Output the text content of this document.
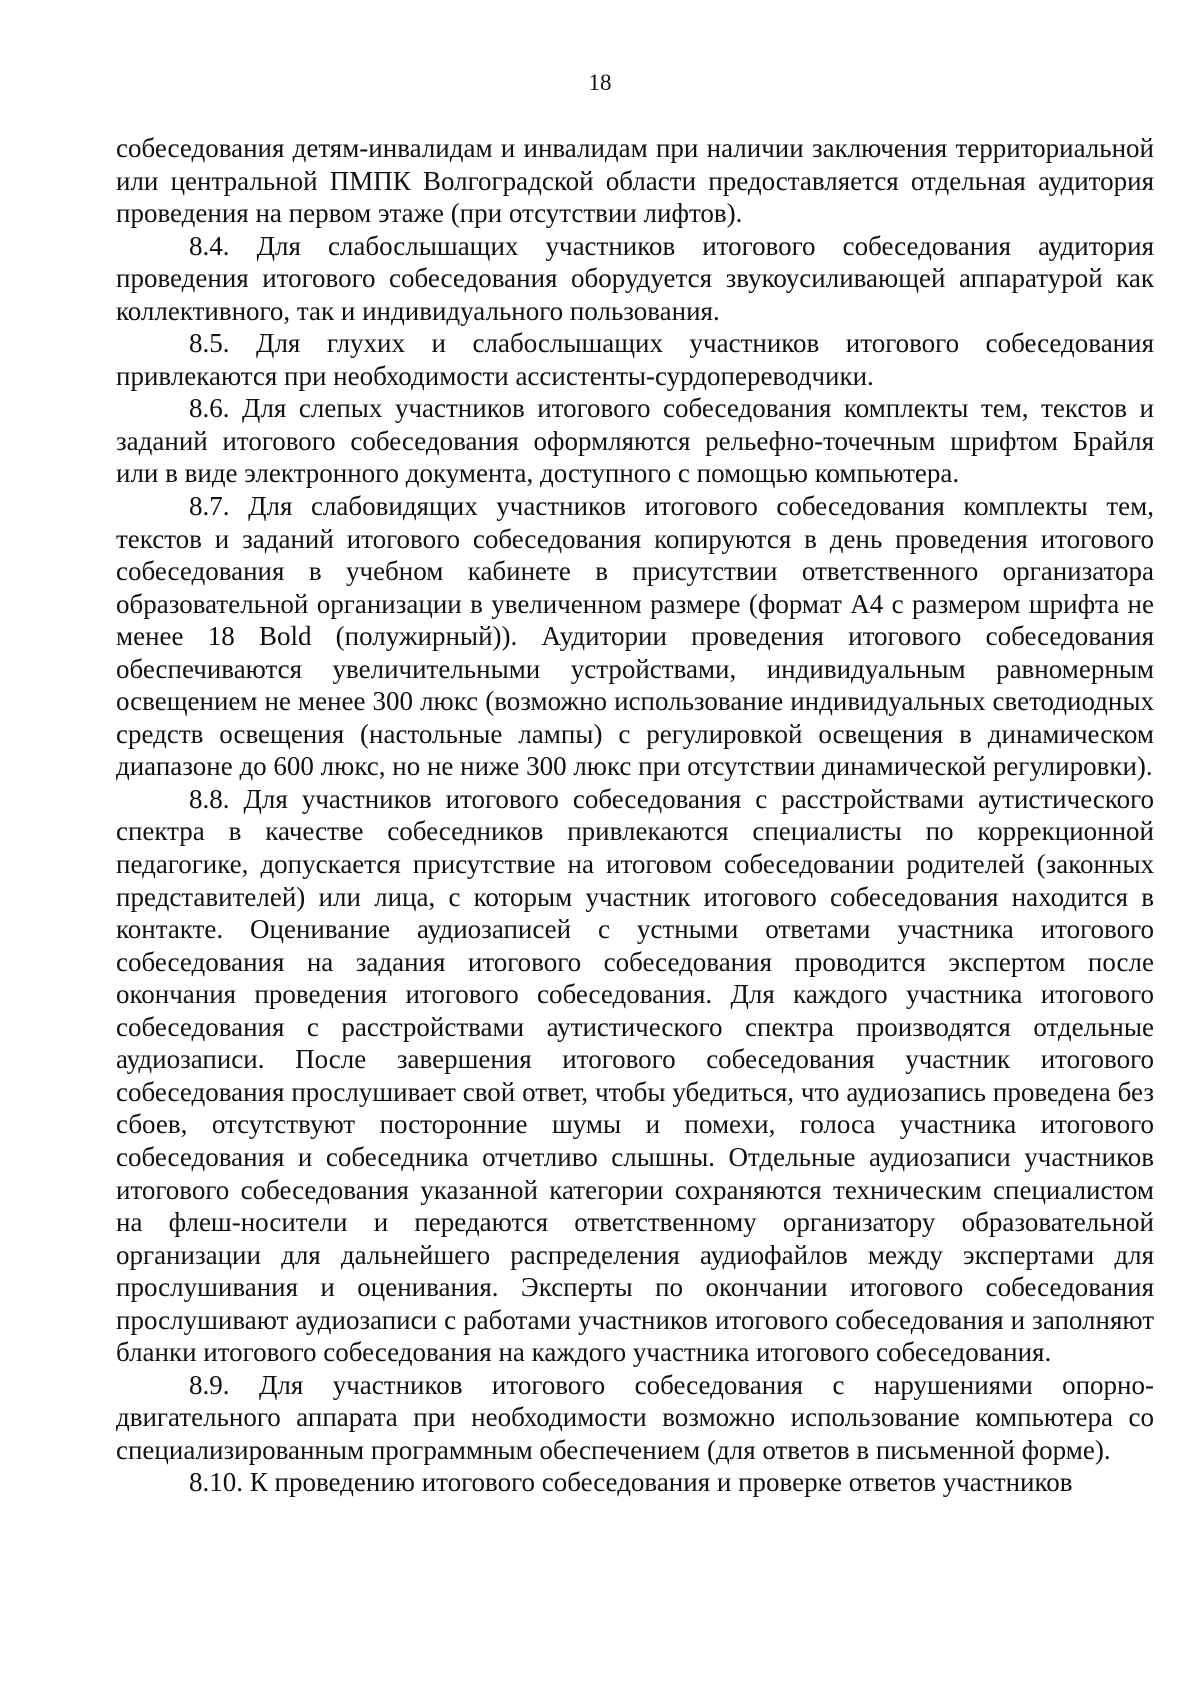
18

собеседования детям-инвалидам и инвалидам при наличии заключения территориальной или центральной ПМПК Волгоградской области предоставляется отдельная аудитория проведения на первом этаже (при отсутствии лифтов).

8.4. Для слабослышащих участников итогового собеседования аудитория проведения итогового собеседования оборудуется звукоусиливающей аппаратурой как коллективного, так и индивидуального пользования.

8.5. Для глухих и слабослышащих участников итогового собеседования привлекаются при необходимости ассистенты-сурдопереводчики.

8.6. Для слепых участников итогового собеседования комплекты тем, текстов и заданий итогового собеседования оформляются рельефно-точечным шрифтом Брайля или в виде электронного документа, доступного с помощью компьютера.

8.7. Для слабовидящих участников итогового собеседования комплекты тем, текстов и заданий итогового собеседования копируются в день проведения итогового собеседования в учебном кабинете в присутствии ответственного организатора образовательной организации в увеличенном размере (формат А4 с размером шрифта не менее 18 Bold (полужирный)). Аудитории проведения итогового собеседования обеспечиваются увеличительными устройствами, индивидуальным равномерным освещением не менее 300 люкс (возможно использование индивидуальных светодиодных средств освещения (настольные лампы) с регулировкой освещения в динамическом диапазоне до 600 люкс, но не ниже 300 люкс при отсутствии динамической регулировки).

8.8. Для участников итогового собеседования с расстройствами аутистического спектра в качестве собеседников привлекаются специалисты по коррекционной педагогике, допускается присутствие на итоговом собеседовании родителей (законных представителей) или лица, с которым участник итогового собеседования находится в контакте. Оценивание аудиозаписей с устными ответами участника итогового собеседования на задания итогового собеседования проводится экспертом после окончания проведения итогового собеседования. Для каждого участника итогового собеседования с расстройствами аутистического спектра производятся отдельные аудиозаписи. После завершения итогового собеседования участник итогового собеседования прослушивает свой ответ, чтобы убедиться, что аудиозапись проведена без сбоев, отсутствуют посторонние шумы и помехи, голоса участника итогового собеседования и собеседника отчетливо слышны. Отдельные аудиозаписи участников итогового собеседования указанной категории сохраняются техническим специалистом на флеш-носители и передаются ответственному организатору образовательной организации для дальнейшего распределения аудиофайлов между экспертами для прослушивания и оценивания. Эксперты по окончании итогового собеседования прослушивают аудиозаписи с работами участников итогового собеседования и заполняют бланки итогового собеседования на каждого участника итогового собеседования.

8.9. Для участников итогового собеседования с нарушениями опорно-двигательного аппарата при необходимости возможно использование компьютера со специализированным программным обеспечением (для ответов в письменной форме).

8.10. К проведению итогового собеседования и проверке ответов участников
